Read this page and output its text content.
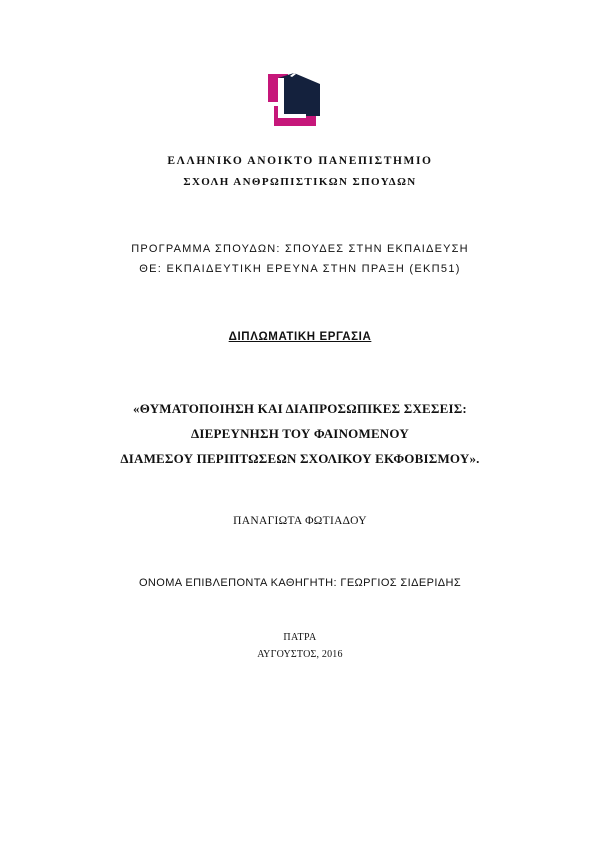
ΕΛΛΗΝΙΚΟ ΑΝΟΙΚΤΟ ΠΑΝΕΠΙΣΤΗΜΙΟ
ΣΧΟΛΗ ΑΝΘΡΩΠΙΣΤΙΚΩΝ ΣΠΟΥΔΩΝ
ΠΡΟΓΡΑΜΜΑ ΣΠΟΥΔΩΝ: ΣΠΟΥΔΕΣ ΣΤΗΝ ΕΚΠΑΙΔΕΥΣΗ
ΘΕ: ΕΚΠΑΙΔΕΥΤΙΚΗ ΕΡΕΥΝΑ ΣΤΗΝ ΠΡΑΞΗ (ΕΚΠ51)
ΔΙΠΛΩΜΑΤΙΚΗ ΕΡΓΑΣΙΑ
«ΘΥΜΑΤΟΠΟΙΗΣΗ ΚΑΙ ΔΙΑΠΡΟΣΩΠΙΚΕΣ ΣΧΕΣΕΙΣ:
ΔΙΕΡΕΥΝΗΣΗ ΤΟΥ ΦΑΙΝΟΜΕΝΟΥ
ΔΙΑΜΕΣΟΥ ΠΕΡΙΠΤΩΣΕΩΝ ΣΧΟΛΙΚΟΥ ΕΚΦΟΒΙΣΜΟΥ».
ΠΑΝΑΓΙΩΤΑ ΦΩΤΙΑΔΟΥ
ΟΝΟΜΑ ΕΠΙΒΛΕΠΟΝΤΑ ΚΑΘΗΓΗΤΗ: ΓΕΩΡΓΙΟΣ ΣΙΔΕΡΙΔΗΣ
ΠΑΤΡΑ
ΑΥΓΟΥΣΤΟΣ, 2016
